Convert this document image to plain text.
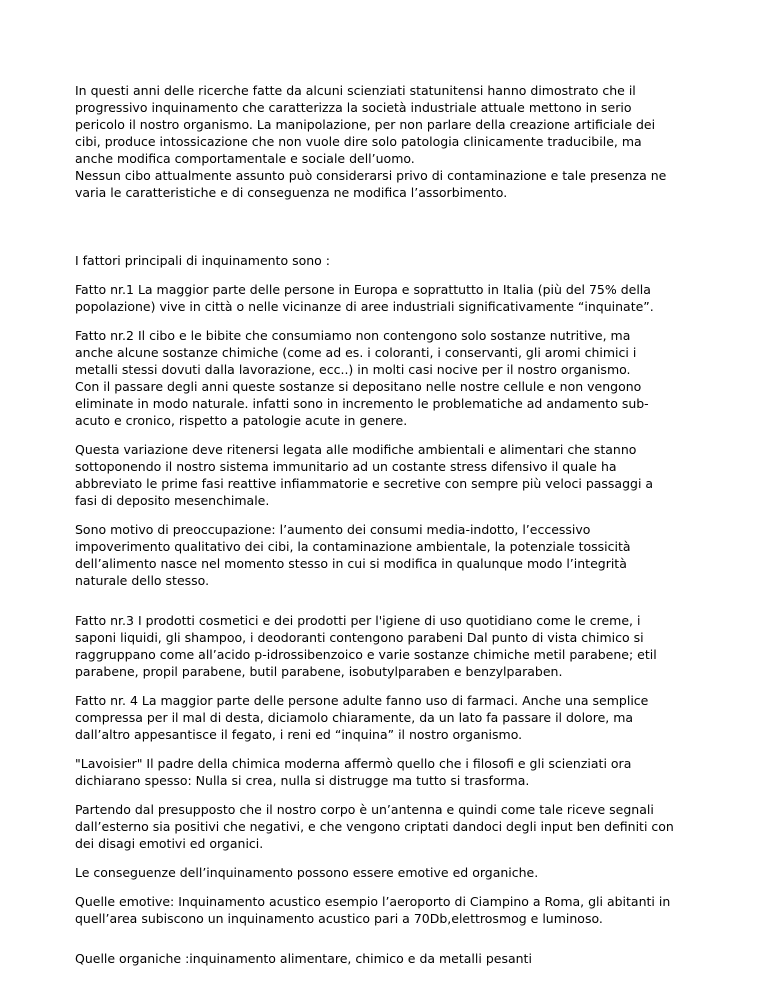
In questi anni delle ricerche fatte da alcuni scienziati statunitensi hanno dimostrato che il
progressivo inquinamento che caratterizza la società industriale attuale mettono in serio
pericolo il nostro organismo. La manipolazione, per non parlare della creazione artificiale dei
cibi, produce intossicazione che non vuole dire solo patologia clinicamente traducibile, ma
anche modifica comportamentale e sociale dell’uomo.
Nessun cibo attualmente assunto può considerarsi privo di contaminazione e tale presenza ne
varia le caratteristiche e di conseguenza ne modifica l’assorbimento.

I fattori principali di inquinamento sono :

Fatto nr.1 La maggior parte delle persone in Europa e soprattutto in Italia (più del 75% della
popolazione) vive in città o nelle vicinanze di aree industriali significativamente “inquinate”.

Fatto nr.2 Il cibo e le bibite che consumiamo non contengono solo sostanze nutritive, ma
anche alcune sostanze chimiche (come ad es. i coloranti, i conservanti, gli aromi chimici i
metalli stessi dovuti dalla lavorazione, ecc..) in molti casi nocive per il nostro organismo.
Con il passare degli anni queste sostanze si depositano nelle nostre cellule e non vengono
eliminate in modo naturale. infatti sono in incremento le problematiche ad andamento sub-
acuto e cronico, rispetto a patologie acute in genere.

Questa variazione deve ritenersi legata alle modifiche ambientali e alimentari che stanno
sottoponendo il nostro sistema immunitario ad un costante stress difensivo il quale ha
abbreviato le prime fasi reattive infiammatorie e secretive con sempre più veloci passaggi a
fasi di deposito mesenchimale.

Sono motivo di preoccupazione: l’aumento dei consumi media-indotto, l’eccessivo
impoverimento qualitativo dei cibi, la contaminazione ambientale, la potenziale tossicità
dell’alimento nasce nel momento stesso in cui si modifica in qualunque modo l’integrità
naturale dello stesso.

Fatto nr.3 I prodotti cosmetici e dei prodotti per l'igiene di uso quotidiano come le creme, i
saponi liquidi, gli shampoo, i deodoranti contengono parabeni Dal punto di vista chimico si
raggruppano come all’acido p-idrossibenzoico e varie sostanze chimiche metil parabene; etil
parabene, propil parabene, butil parabene, isobutylparaben e benzylparaben.

Fatto nr. 4 La maggior parte delle persone adulte fanno uso di farmaci. Anche una semplice
compressa per il mal di desta, diciamolo chiaramente, da un lato fa passare il dolore, ma
dall’altro appesantisce il fegato, i reni ed “inquina” il nostro organismo.

"Lavoisier" Il padre della chimica moderna affermò quello che i filosofi e gli scienziati ora
dichiarano spesso: Nulla si crea, nulla si distrugge ma tutto si trasforma.

Partendo dal presupposto che il nostro corpo è un’antenna e quindi come tale riceve segnali
dall’esterno sia positivi che negativi, e che vengono criptati dandoci degli input ben definiti con
dei disagi emotivi ed organici.

Le conseguenze dell’inquinamento possono essere emotive ed organiche.

Quelle emotive: Inquinamento acustico esempio l’aeroporto di Ciampino a Roma, gli abitanti in
quell’area subiscono un inquinamento acustico pari a 70Db,elettrosmog e luminoso.

Quelle organiche :inquinamento alimentare, chimico e da metalli pesanti
